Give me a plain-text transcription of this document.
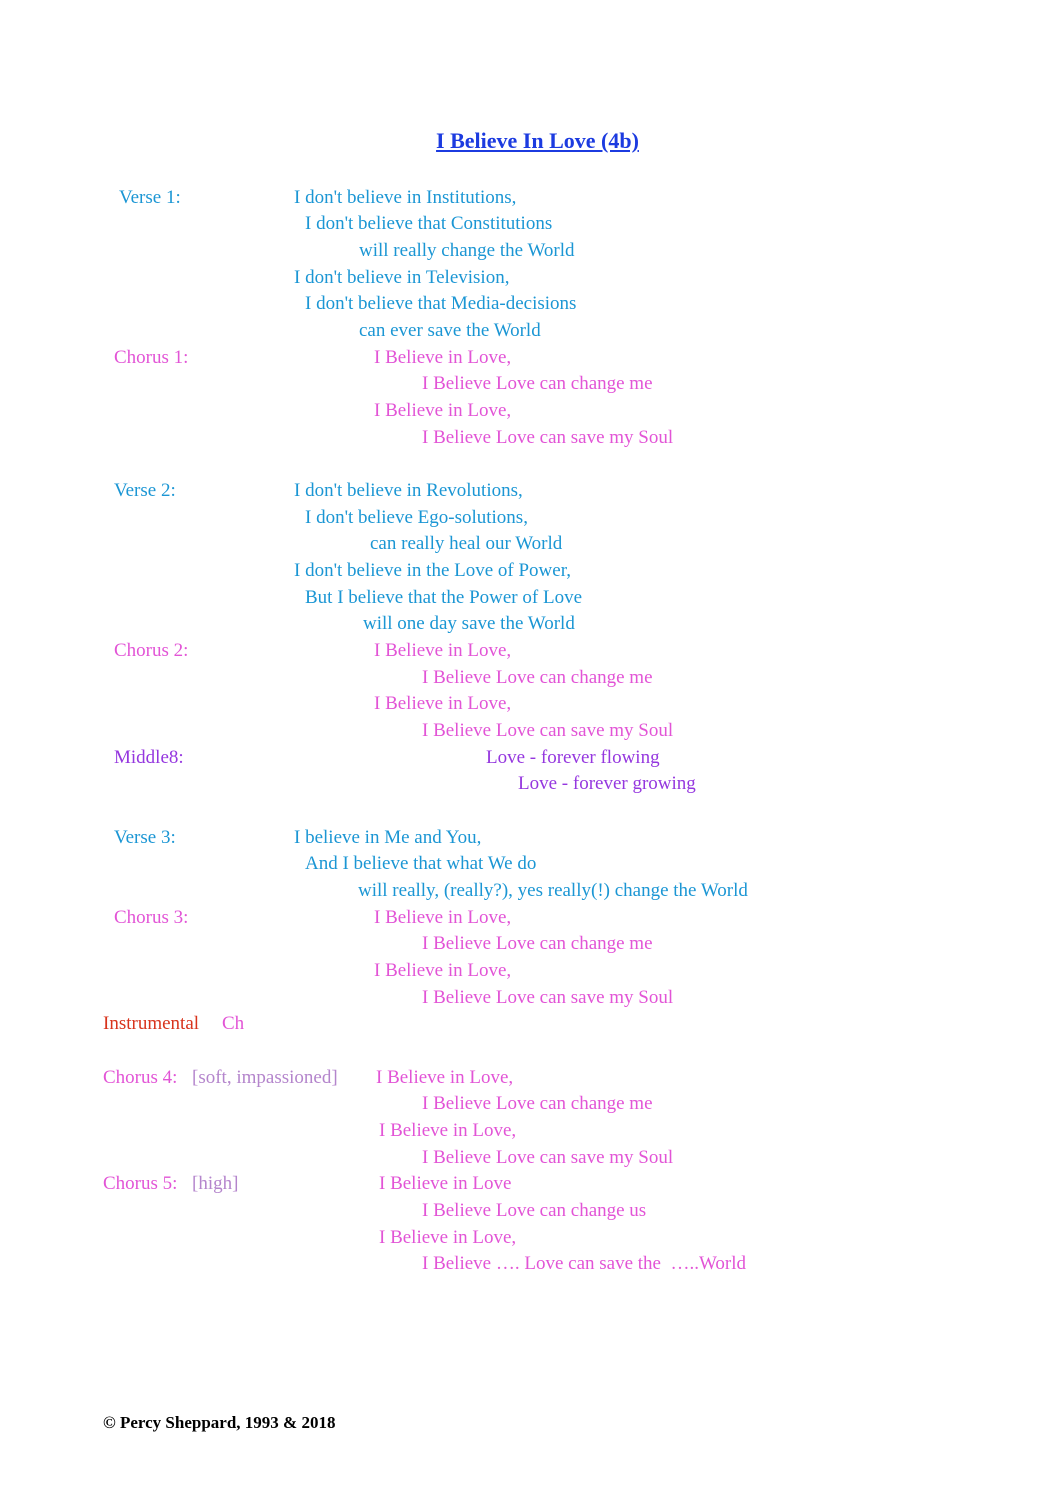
I Believe In Love (4b)
Verse 1:	I don't believe in Institutions,
I don't believe that Constitutions
will really change the World
I don't believe in Television,
I don't believe that Media-decisions
can ever save the World
Chorus 1:	I Believe in Love,
I Believe Love can change me
I Believe in Love,
I Believe Love can save my Soul
Verse 2:	I don't believe in Revolutions,
I don't believe Ego-solutions,
can really heal our World
I don't believe in the Love of Power,
But I believe that the Power of Love
will one day save the World
Chorus 2:	I Believe in Love,
I Believe Love can change me
I Believe in Love,
I Believe Love can save my Soul
Middle8:	Love - forever flowing
Love - forever growing
Verse 3:	I believe in Me and You,
And I believe that what We do
will really, (really?), yes really(!) change the World
Chorus 3:	I Believe in Love,
I Believe Love can change me
I Believe in Love,
I Believe Love can save my Soul
Instrumental Ch
Chorus 4: [soft, impassioned] I Believe in Love,
I Believe Love can change me
I Believe in Love,
I Believe Love can save my Soul
Chorus 5: [high]	I Believe in Love
I Believe Love can change us
I Believe in Love,
I Believe …. Love can save the  …..World
© Percy Sheppard, 1993 & 2018
